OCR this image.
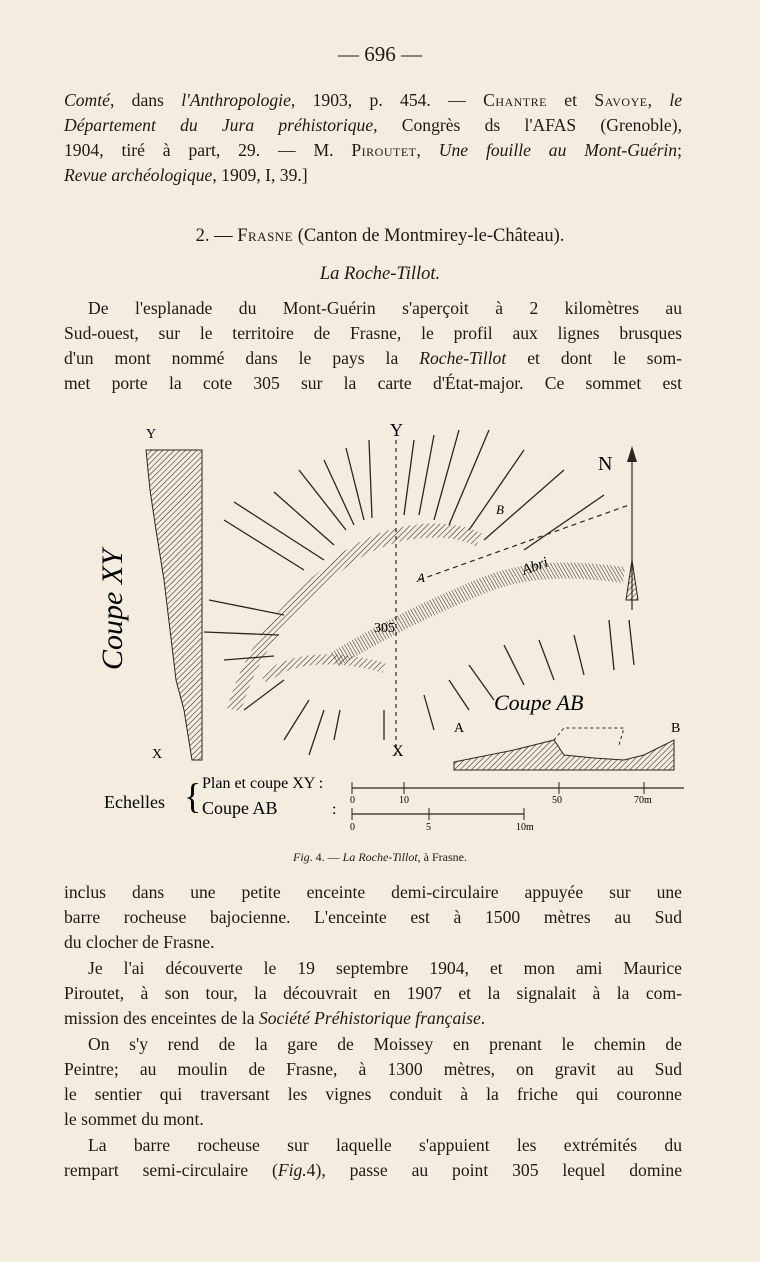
— 696 —
Comté, dans l'Anthropologie, 1903, p. 454. — Chantre et Savoye, le
Département du Jura préhistorique, Congrès ds l'AFAS (Grenoble),
1904, tiré à part, 29. — M. Piroutet, Une fouille au Mont-Guérin;
Revue archéologique, 1909, I, 39.]
2. — Frasne (Canton de Montmirey-le-Château).
La Roche-Tillot.
De l'esplanade du Mont-Guérin s'aperçoit à 2 kilomètres au
Sud-ouest, sur le territoire de Frasne, le profil aux lignes brusques
d'un mont nommé dans le pays la Roche-Tillot et dont le som-
met porte la cote 305 sur la carte d'État-major. Ce sommet est
Y
X
Coupe XY
Y
X
A
B
N
Abri
305
Coupe AB
A	B
Echelles { Plan et coupe XY :
Coupe AB	:
0	10	50	70m
0	5	10m
Fig. 4. — La Roche-Tillot, à Frasne.
inclus dans une petite enceinte demi-circulaire appuyée sur une
barre rocheuse bajocienne. L'enceinte est à 1500 mètres au Sud
du clocher de Frasne.
Je l'ai découverte le 19 septembre 1904, et mon ami Maurice
Piroutet, à son tour, la découvrait en 1907 et la signalait à la com-
mission des enceintes de la Société Préhistorique française.
On s'y rend de la gare de Moissey en prenant le chemin de
Peintre; au moulin de Frasne, à 1300 mètres, on gravit au Sud
le sentier qui traversant les vignes conduit à la friche qui couronne
le sommet du mont.
La barre rocheuse sur laquelle s'appuient les extrémités du
rempart semi-circulaire (Fig.4), passe au point 305 lequel domine
